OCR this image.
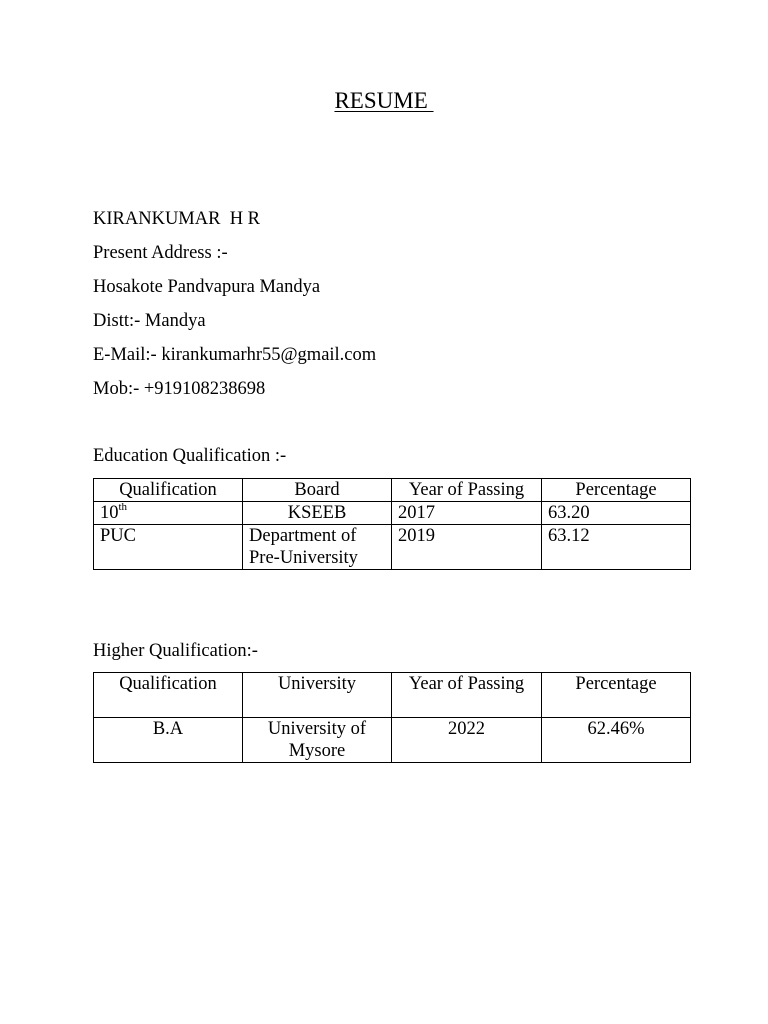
RESUME
KIRANKUMAR  H R
Present Address :-
Hosakote Pandvapura Mandya
Distt:- Mandya
E-Mail:- kirankumarhr55@gmail.com
Mob:- +919108238698
Education Qualification :-
Qualification	Board	Year of Passing	Percentage
10th	KSEEB	2017	63.20
PUC	Department of Pre-University	2019	63.12
Higher Qualification:-
Qualification	University	Year of Passing	Percentage
B.A	University of Mysore	2022	62.46%
